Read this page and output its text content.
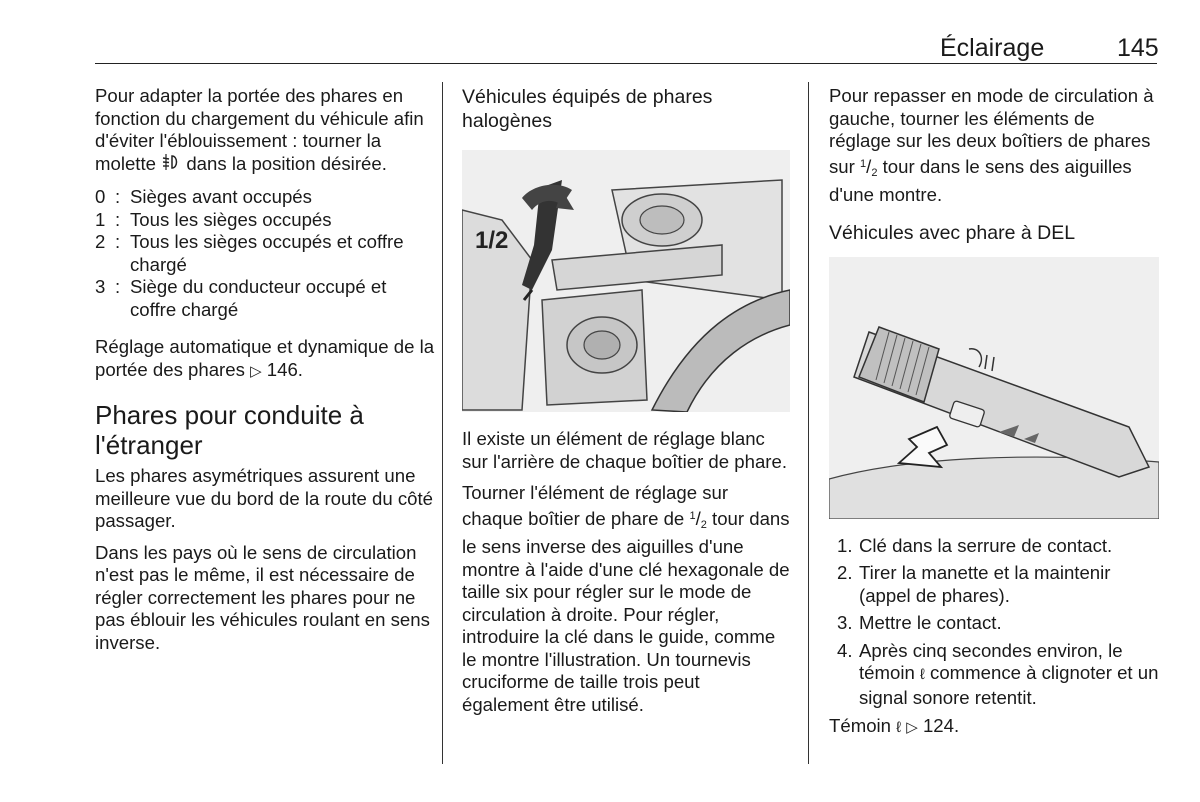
Éclairage	145

Pour adapter la portée des phares en fonction du chargement du véhicule afin d'éviter l'éblouissement : tourner la molette dans la position désirée.

0 : Sièges avant occupés
1 : Tous les sièges occupés
2 : Tous les sièges occupés et coffre chargé
3 : Siège du conducteur occupé et coffre chargé

Réglage automatique et dynamique de la portée des phares ▷ 146.

Phares pour conduite à l'étranger

Les phares asymétriques assurent une meilleure vue du bord de la route du côté passager.

Dans les pays où le sens de circulation n'est pas le même, il est nécessaire de régler correctement les phares pour ne pas éblouir les véhicules roulant en sens inverse.

Véhicules équipés de phares halogènes
1/2

Il existe un élément de réglage blanc sur l'arrière de chaque boîtier de phare.

Tourner l'élément de réglage sur chaque boîtier de phare de $^1/_2$ tour dans le sens inverse des aiguilles d'une montre à l'aide d'une clé hexagonale de taille six pour régler sur le mode de circulation à droite. Pour régler, introduire la clé dans le guide, comme le montre l'illustration. Un tournevis cruciforme de taille trois peut également être utilisé.

Pour repasser en mode de circulation à gauche, tourner les éléments de réglage sur les deux boîtiers de phares sur $^1/_2$ tour dans le sens des aiguilles d'une montre.

Véhicules avec phare à DEL
1. Clé dans la serrure de contact.
2. Tirer la manette et la maintenir (appel de phares).
3. Mettre le contact.
4. Après cinq secondes environ, le témoin ℓ commence à clignoter et un signal sonore retentit.

Témoin ℓ ▷ 124.
